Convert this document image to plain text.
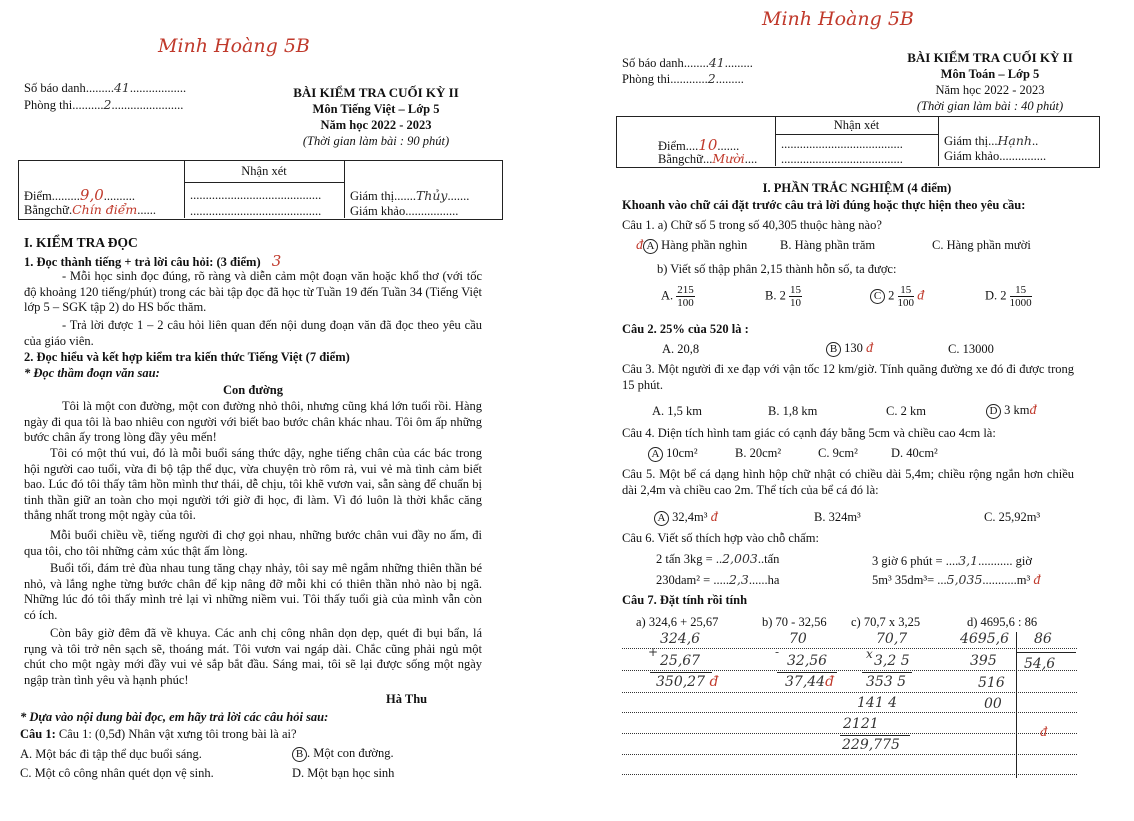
Minh Hoàng 5B
Số báo danh.........41..................
Phòng thi..........2.......................
BÀI KIỂM TRA CUỐI KỲ II
Môn Tiếng Việt – Lớp 5
Năm học 2022 - 2023
(Thời gian làm bài : 90 phút)
Nhận xét
Điểm.........9,0..........
Bằngchữ.Chín điểm......
..........................................
..........................................
Giám thị.......Thủy.......
Giám khảo.................
I. KIỂM TRA ĐỌC
1. Đọc thành tiếng + trả lời câu hỏi: (3 điểm) 3
- Mỗi học sinh đọc đúng, rõ ràng và diễn cảm một đoạn văn hoặc khổ thơ (với tốc độ khoảng 120 tiếng/phút) trong các bài tập đọc đã học từ Tuần 19 đến Tuần 34 (Tiếng Việt lớp 5 – SGK tập 2) do HS bốc thăm.
- Trả lời được 1 – 2 câu hỏi liên quan đến nội dung đoạn văn đã đọc theo yêu cầu của giáo viên.
2. Đọc hiểu và kết hợp kiểm tra kiến thức Tiếng Việt (7 điểm)
* Đọc thầm đoạn văn sau:
Con đường
Tôi là một con đường, một con đường nhỏ thôi, nhưng cũng khá lớn tuổi rồi. Hàng ngày đi qua tôi là bao nhiêu con người với biết bao bước chân khác nhau. Tôi ôm ấp những bước chân ấy trong lòng đầy yêu mến!
Tôi có một thú vui, đó là mỗi buổi sáng thức dậy, nghe tiếng chân của các bác trong hội người cao tuổi, vừa đi bộ tập thể dục, vừa chuyện trò rôm rả, vui vẻ mà tình cảm biết bao. Lúc đó tôi thấy tâm hồn mình thư thái, dễ chịu, tôi khẽ vươn vai, sẵn sàng để chuẩn bị tinh thần giữ an toàn cho mọi người tới giờ đi học, đi làm. Vì đó luôn là thời khắc căng thẳng nhất trong một ngày của tôi.
Mỗi buổi chiều về, tiếng người đi chợ gọi nhau, những bước chân vui đầy no ấm, đi qua tôi, cho tôi những cảm xúc thật ấm lòng.
Buổi tối, đám trẻ đùa nhau tung tăng chạy nhảy, tôi say mê ngắm những thiên thần bé nhỏ, và lắng nghe từng bước chân để kịp nâng đỡ mỗi khi có thiên thần nhỏ nào bị ngã. Những lúc đó tôi thấy mình trẻ lại vì những niềm vui. Tôi thấy tuổi già của mình vẫn còn có ích.
Còn bây giờ đêm đã về khuya. Các anh chị công nhân dọn dẹp, quét đi bụi bẩn, lá rụng và tôi trở nên sạch sẽ, thoáng mát. Tôi vươn vai ngáp dài. Chắc cũng phải ngủ một chút cho một ngày mới đầy vui vẻ sắp bắt đầu. Sáng mai, tôi sẽ lại được sống một ngày ngập tràn tình yêu và hạnh phúc!
Hà Thu
* Dựa vào nội dung bài đọc, em hãy trả lời các câu hỏi sau:
Câu 1: Câu 1: (0,5đ) Nhân vật xưng tôi trong bài là ai?
A. Một bác đi tập thể dục buổi sáng.	B . Một con đường.
C. Một cô công nhân quét dọn vệ sinh.	D. Một bạn học sinh
Minh Hoàng 5B
Số báo danh........41.........
Phòng thi............2.........
BÀI KIỂM TRA CUỐI KỲ II
Môn Toán – Lớp 5
Năm học 2022 - 2023
(Thời gian làm bài : 40 phút)
Nhận xét
Điểm....10.......
Bằngchữ...Mười....
.......................................
.......................................
Giám thị...Hạnh..
Giám khảo...............
I. PHẦN TRẮC NGHIỆM (4 điểm)
Khoanh vào chữ cái đặt trước câu trả lời đúng hoặc thực hiện theo yêu cầu:
Câu 1. a) Chữ số 5 trong số 40,305 thuộc hàng nào?
đ A Hàng phần nghìn	B. Hàng phần trăm	C. Hàng phần mười
b) Viết số thập phân 2,15 thành hỗn số, ta được:
A. $\frac{215}{100}$	B. $2 \frac{15}{10}$	C $2 \frac{15}{100}$ đ	D. $2 \frac{15}{1000}$
Câu 2. 25% của 520 là :
A. 20,8	B 130 đ	C. 13000
Câu 3. Một người đi xe đạp với vận tốc 12 km/giờ. Tính quãng đường xe đó đi được trong 15 phút.
A. 1,5 km	B. 1,8 km	C. 2 km	D 3 kmđ
Câu 4. Diện tích hình tam giác có cạnh đáy bằng 5cm và chiều cao 4cm là:
A 10cm²	B. 20cm²	C. 9cm²	D. 40cm²
Câu 5. Một bể cá dạng hình hộp chữ nhật có chiều dài 5,4m; chiều rộng ngắn hơn chiều dài 2,4m và chiều cao 2m. Thể tích của bể cá đó là:
A 32,4m³ đ	B. 324m³	C. 25,92m³
Câu 6. Viết số thích hợp vào chỗ chấm:
2 tấn 3kg = ..2,003..tấn	3 giờ 6 phút = ....3,1........... giờ
230dam² = .....2,3......ha	5m³ 35dm³= ...5,035...........m³ đ
Câu 7. Đặt tính rồi tính
a) 324,6 + 25,67	b) 70 - 32,56 c) 70,7 x 3,25	d) 4695,6 : 86
324,6
+
25,67
350,27 đ
70
-
32,56
37,44đ
70,7
x 3,2 5
353 5
141 4
2121
229,775
4695,6 86
395 54,6
516
00
đ
